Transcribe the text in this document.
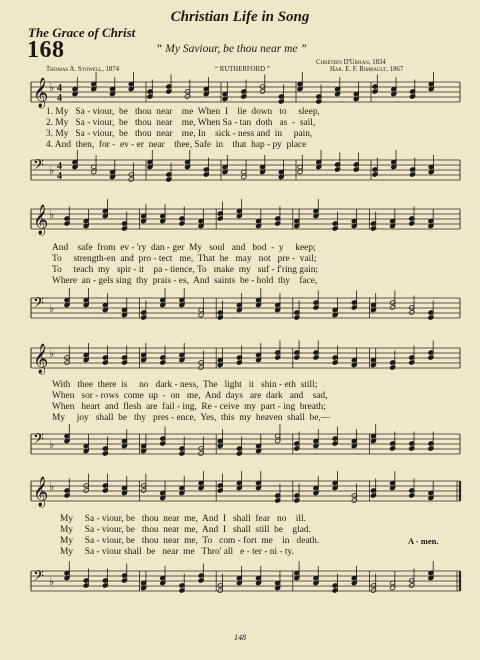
Christian Life in Song
The Grace of Christ
168	“ My Saviour, be thou near me ”
Chrétien D'Urhan, 1834
Thomas A. Stowell, 1874	“ RUTHERFORD ”	Har. E. F. Rimbault, 1867
𝄞 ♭ 4
4
1. My   Sa - viour,  be   thou  near    me  When  I    lie  down   to     sleep,
2. My   Sa - viour,  be   thou  near    me, When Sa - tan  doth   as  -  sail,
3. My   Sa - viour,  be   thou  near    me, In    sick - ness and  in     pain,
4. And  then,  for -  ev - er  near    thee, Safe  in    that  hap - py  place
𝄢 ♭ 4
4
𝄞 ♭
And    safe  from  ev - 'ry  dan - ger  My   soul   and   bod  -  y     keep;
To     strength-en  and  pro - tect   me,  That  he   may   not   pre -  vail;
To     teach  my   spir - it    pa - tience, To   make  my   suf - f'ring gain;
Where  an - gels sing  thy  prais - es,  And  saints  be - hold  thy    face,
𝄢 ♭
𝄞 ♭
With   thee  there  is     no   dark - ness,  The   light   it   shin - eth  still;
When   sor - rows  come  up  -  on   me,  And  days   are  dark   and    sad,
When   heart  and  flesh  are  fail - ing,  Re - ceive  my  part - ing  breath;
My     joy   shall  be   thy   pres - ence,  Yes,  this  my  heaven  shall  be,—
𝄢 ♭
𝄞 ♭
My     Sa - viour, be   thou  near  me,  And  I   shall  fear   no    ill.
My     Sa - viour, be   thou  near  me,  And  I   shall  still  be    glad.
My     Sa - viour, be   thou  near  me,  To   com - fort  me    in   death.
My     Sa - viour shall  be   near  me   Thro' all   e - ter - ni - ty.
A - men.
𝄢 ♭
148
